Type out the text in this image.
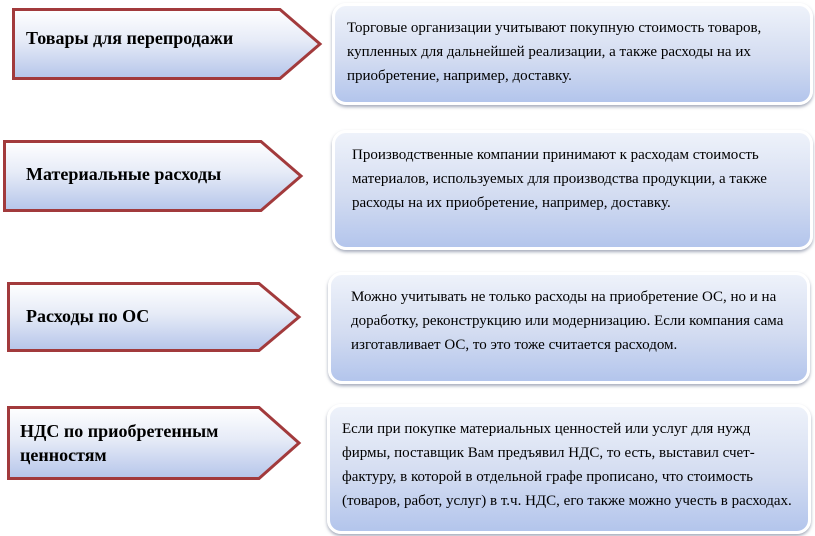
Товары для перепродажи	Торговые организации учитывают покупную стоимость товаров, купленных для дальнейшей реализации, а также расходы на их приобретение, например, доставку.

Материальные расходы

Производственные компании принимают к расходам стоимость материалов, используемых для производства продукции, а также расходы на их приобретение, например, доставку.

Расходы по ОС

Можно учитывать не только расходы на приобретение ОС, но и на доработку, реконструкцию или модернизацию. Если компания сама изготавливает ОС, то это тоже считается расходом.

НДС по приобретенным ценностям

Если при покупке материальных ценностей или услуг для нужд фирмы, поставщик Вам предъявил НДС, то есть, выставил счет-фактуру, в которой в отдельной графе прописано, что стоимость (товаров, работ, услуг) в т.ч. НДС, его также можно учесть в расходах.
